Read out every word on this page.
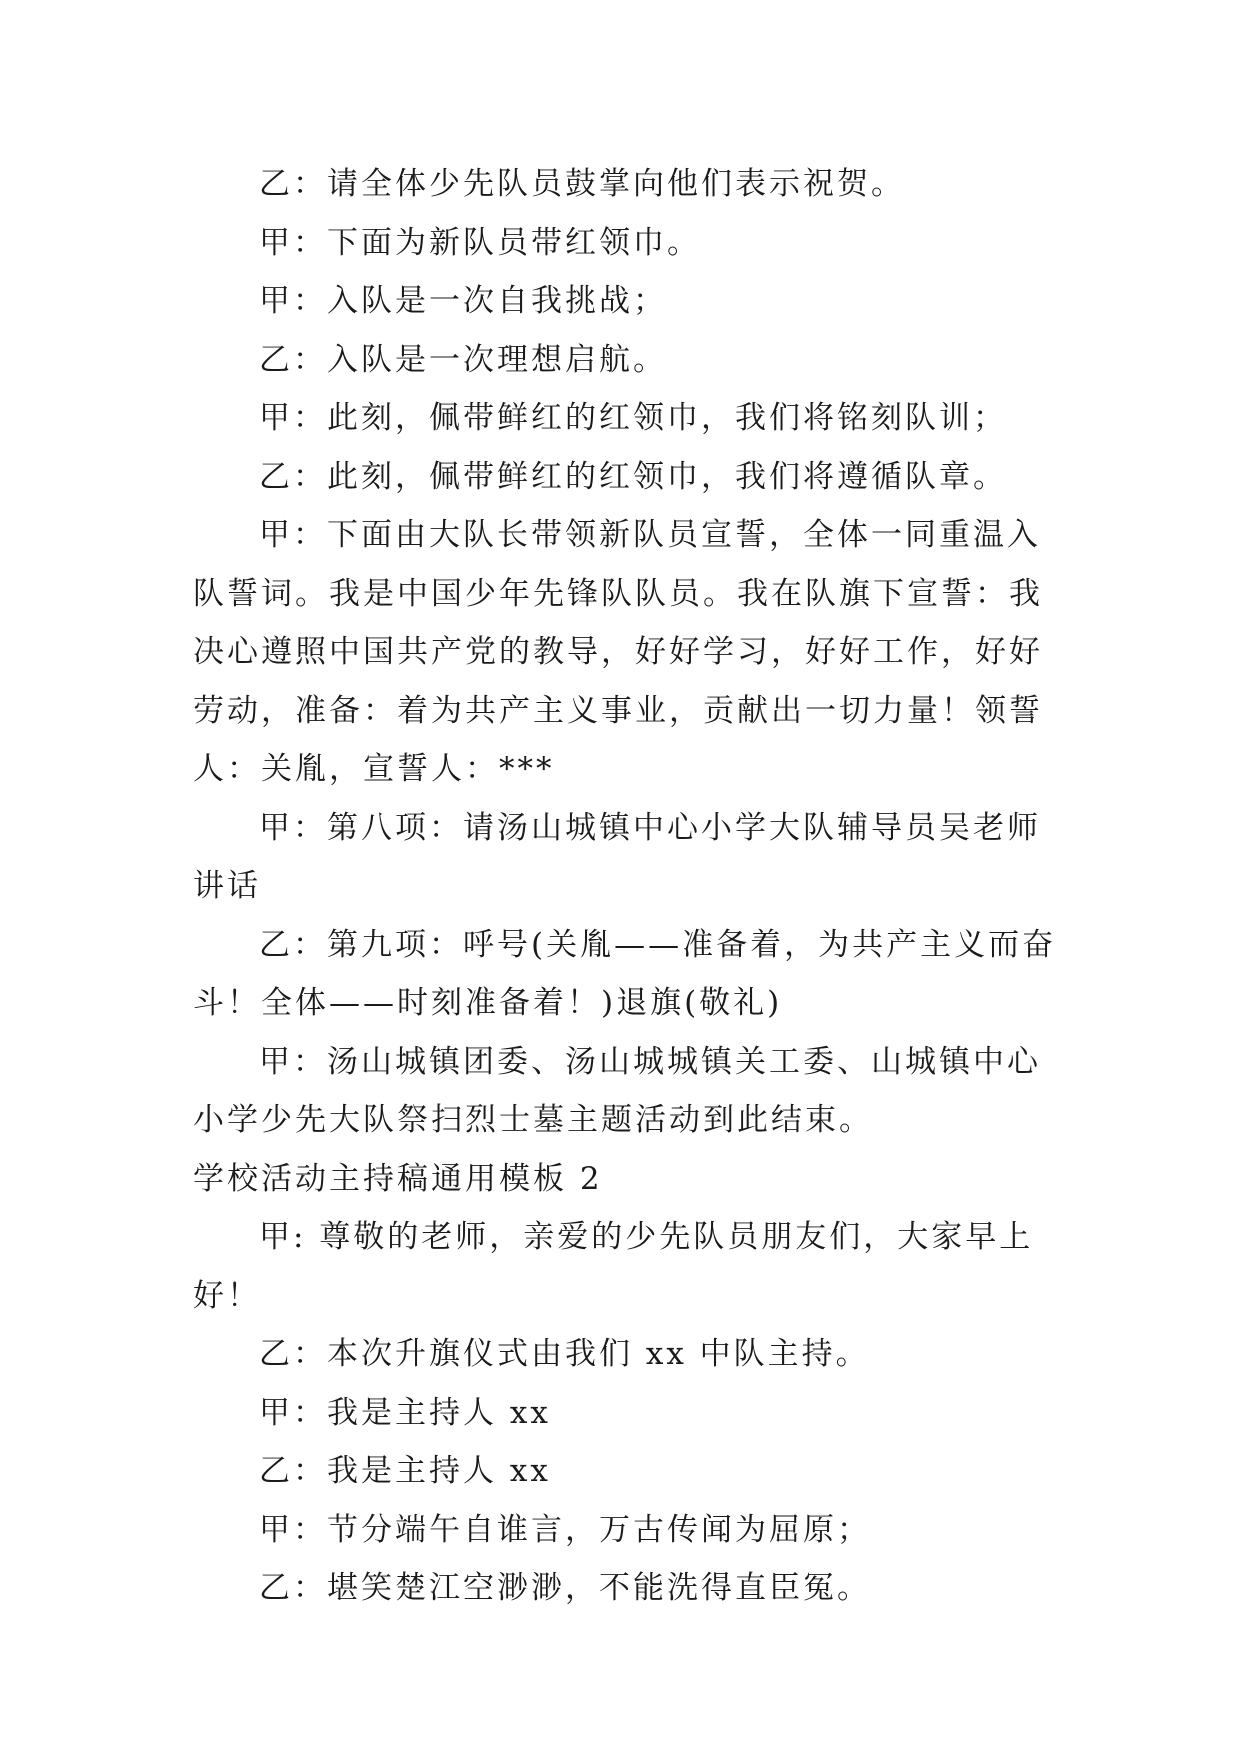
乙：请全体少先队员鼓掌向他们表示祝贺。

甲：下面为新队员带红领巾。

甲：入队是一次自我挑战；

乙：入队是一次理想启航。

甲：此刻，佩带鲜红的红领巾，我们将铭刻队训；

乙：此刻，佩带鲜红的红领巾，我们将遵循队章。

甲：下面由大队长带领新队员宣誓，全体一同重温入队誓词。我是中国少年先锋队队员。我在队旗下宣誓：我决心遵照中国共产党的教导，好好学习，好好工作，好好劳动，准备：着为共产主义事业，贡献出一切力量！领誓人：关胤，宣誓人：***

甲：第八项：请汤山城镇中心小学大队辅导员吴老师讲话

乙：第九项：呼号(关胤——准备着，为共产主义而奋斗！全体——时刻准备着！)退旗(敬礼)

甲：汤山城镇团委、汤山城城镇关工委、山城镇中心小学少先大队祭扫烈士墓主题活动到此结束。

学校活动主持稿通用模板 2

甲: 尊敬的老师，亲爱的少先队员朋友们，大家早上好！

乙：本次升旗仪式由我们 xx 中队主持。

甲：我是主持人 xx

乙：我是主持人 xx

甲：节分端午自谁言，万古传闻为屈原；

乙：堪笑楚江空渺渺，不能洗得直臣冤。
